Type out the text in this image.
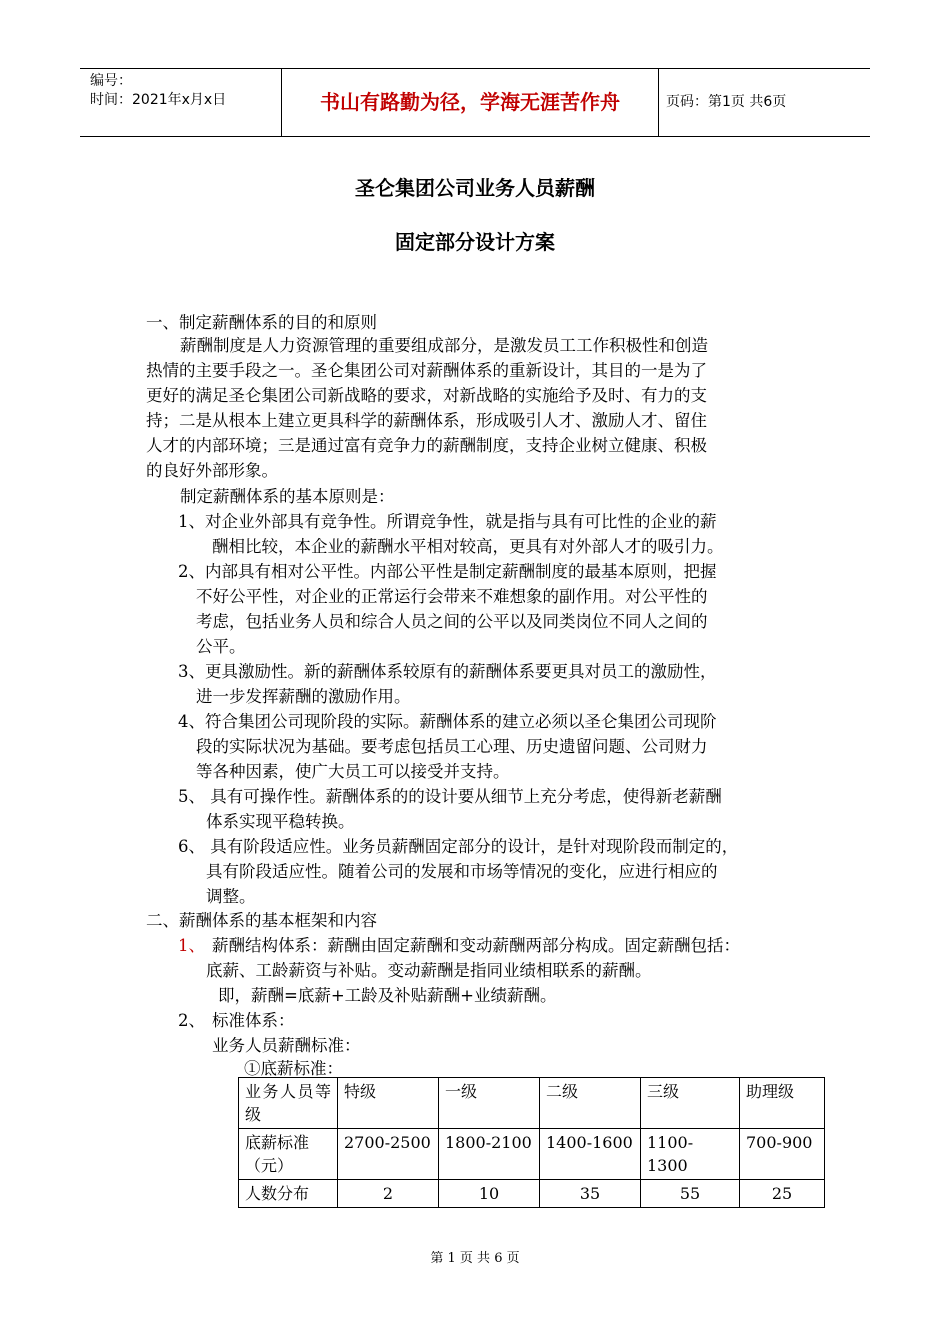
编号：
时间：2021年x月x日	书山有路勤为径，学海无涯苦作舟	页码：第1页 共6页
圣仑集团公司业务人员薪酬
固定部分设计方案
一、制定薪酬体系的目的和原则
薪酬制度是人力资源管理的重要组成部分，是激发员工工作积极性和创造
热情的主要手段之一。圣仑集团公司对薪酬体系的重新设计，其目的一是为了
更好的满足圣仑集团公司新战略的要求，对新战略的实施给予及时、有力的支
持；二是从根本上建立更具科学的薪酬体系，形成吸引人才、激励人才、留住
人才的内部环境；三是通过富有竞争力的薪酬制度，支持企业树立健康、积极
的良好外部形象。
制定薪酬体系的基本原则是：
1、对企业外部具有竞争性。所谓竞争性，就是指与具有可比性的企业的薪
酬相比较，本企业的薪酬水平相对较高，更具有对外部人才的吸引力。
2、内部具有相对公平性。内部公平性是制定薪酬制度的最基本原则，把握
不好公平性，对企业的正常运行会带来不难想象的副作用。对公平性的
考虑，包括业务人员和综合人员之间的公平以及同类岗位不同人之间的
公平。
3、更具激励性。新的薪酬体系较原有的薪酬体系要更具对员工的激励性，
进一步发挥薪酬的激励作用。
4、符合集团公司现阶段的实际。薪酬体系的建立必须以圣仑集团公司现阶
段的实际状况为基础。要考虑包括员工心理、历史遗留问题、公司财力
等各种因素，使广大员工可以接受并支持。
5、 具有可操作性。薪酬体系的的设计要从细节上充分考虑，使得新老薪酬
体系实现平稳转换。
6、 具有阶段适应性。业务员薪酬固定部分的设计，是针对现阶段而制定的，
具有阶段适应性。随着公司的发展和市场等情况的变化，应进行相应的
调整。
二、薪酬体系的基本框架和内容
1、 薪酬结构体系：薪酬由固定薪酬和变动薪酬两部分构成。固定薪酬包括：
底薪、工龄薪资与补贴。变动薪酬是指同业绩相联系的薪酬。
即，薪酬=底薪+工龄及补贴薪酬+业绩薪酬。
2、 标准体系：
业务人员薪酬标准：
①底薪标准：
业务人员等级	特级	一级	二级	三级	助理级
底薪标准（元）	2700-2500	1800-2100	1400-1600	1100-1300	700-900
人数分布	2	10	35	55	25
第 1 页 共 6 页
